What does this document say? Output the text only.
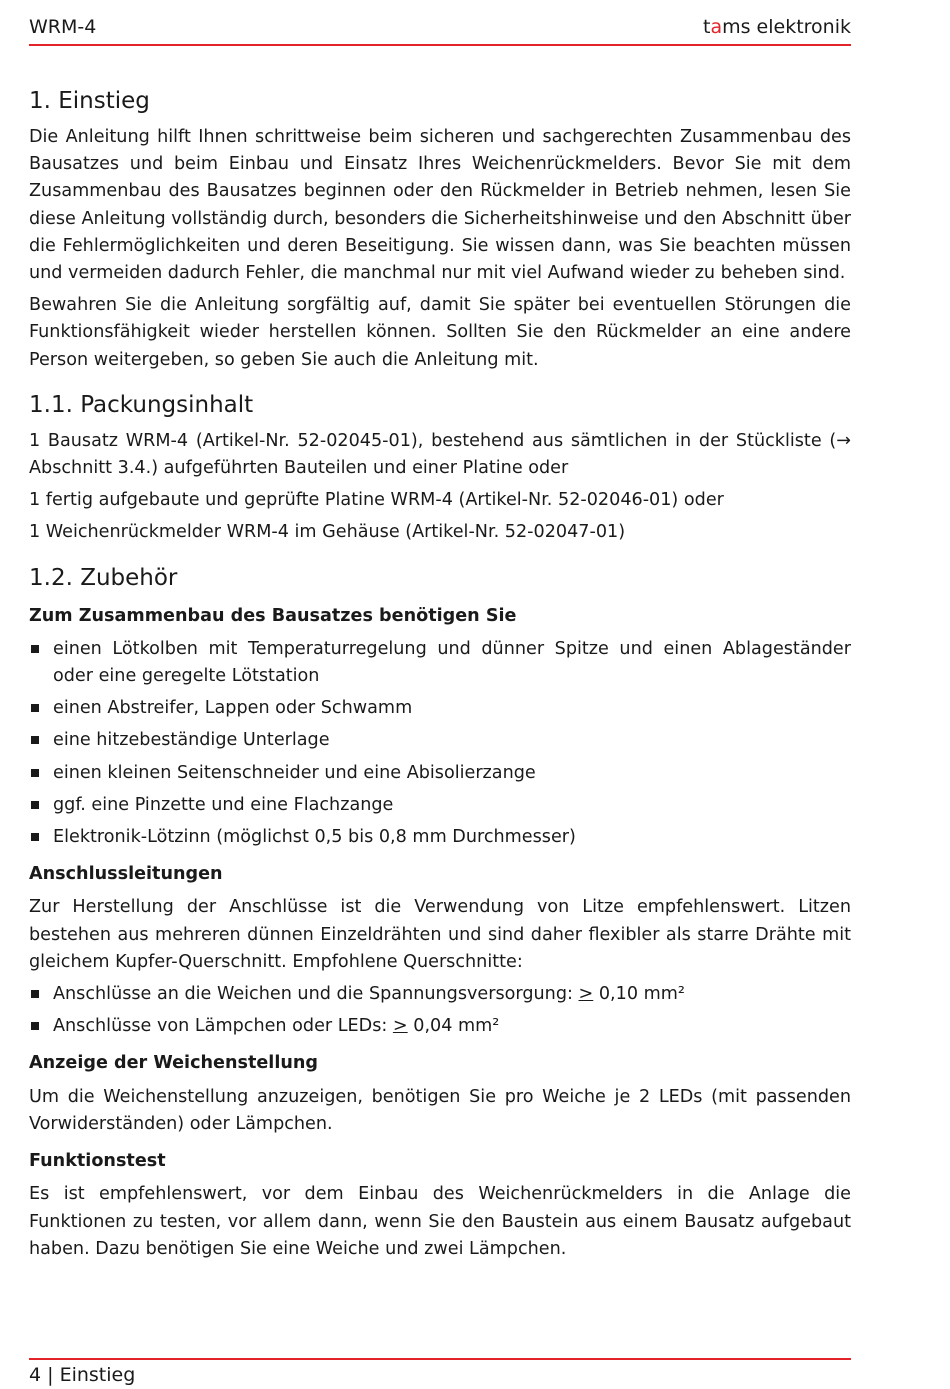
WRM-4	tams elektronik
1. Einstieg

Die Anleitung hilft Ihnen schrittweise beim sicheren und sachgerechten Zusammenbau des Bausatzes und beim Einbau und Einsatz Ihres Weichenrückmelders. Bevor Sie mit dem Zusammenbau des Bausatzes beginnen oder den Rückmelder in Betrieb nehmen, lesen Sie diese Anleitung vollständig durch, besonders die Sicherheitshinweise und den Abschnitt über die Fehlermöglichkeiten und deren Beseitigung. Sie wissen dann, was Sie beachten müssen und vermeiden dadurch Fehler, die manchmal nur mit viel Aufwand wieder zu beheben sind.

Bewahren Sie die Anleitung sorgfältig auf, damit Sie später bei eventuellen Störungen die Funktionsfähigkeit wieder herstellen können. Sollten Sie den Rückmelder an eine andere Person weitergeben, so geben Sie auch die Anleitung mit.

1.1. Packungsinhalt

1 Bausatz WRM-4 (Artikel-Nr. 52-02045-01), bestehend aus sämtlichen in der Stückliste (→ Abschnitt 3.4.) aufgeführten Bauteilen und einer Platine oder

1 fertig aufgebaute und geprüfte Platine WRM-4 (Artikel-Nr. 52-02046-01) oder

1 Weichenrückmelder WRM-4 im Gehäuse (Artikel-Nr. 52-02047-01)

1.2. Zubehör

Zum Zusammenbau des Bausatzes benötigen Sie

einen Lötkolben mit Temperaturregelung und dünner Spitze und einen Ablageständer oder eine geregelte Lötstation
einen Abstreifer, Lappen oder Schwamm
eine hitzebeständige Unterlage
einen kleinen Seitenschneider und eine Abisolierzange
ggf. eine Pinzette und eine Flachzange
Elektronik-Lötzinn (möglichst 0,5 bis 0,8 mm Durchmesser)

Anschlussleitungen

Zur Herstellung der Anschlüsse ist die Verwendung von Litze empfehlenswert. Litzen bestehen aus mehreren dünnen Einzeldrähten und sind daher flexibler als starre Drähte mit gleichem Kupfer-Querschnitt. Empfohlene Querschnitte:

Anschlüsse an die Weichen und die Spannungsversorgung: > 0,10 mm²
Anschlüsse von Lämpchen oder LEDs: > 0,04 mm²

Anzeige der Weichenstellung

Um die Weichenstellung anzuzeigen, benötigen Sie pro Weiche je 2 LEDs (mit passenden Vorwiderständen) oder Lämpchen.

Funktionstest

Es ist empfehlenswert, vor dem Einbau des Weichenrückmelders in die Anlage die Funktionen zu testen, vor allem dann, wenn Sie den Baustein aus einem Bausatz aufgebaut haben. Dazu benötigen Sie eine Weiche und zwei Lämpchen.

4 | Einstieg
